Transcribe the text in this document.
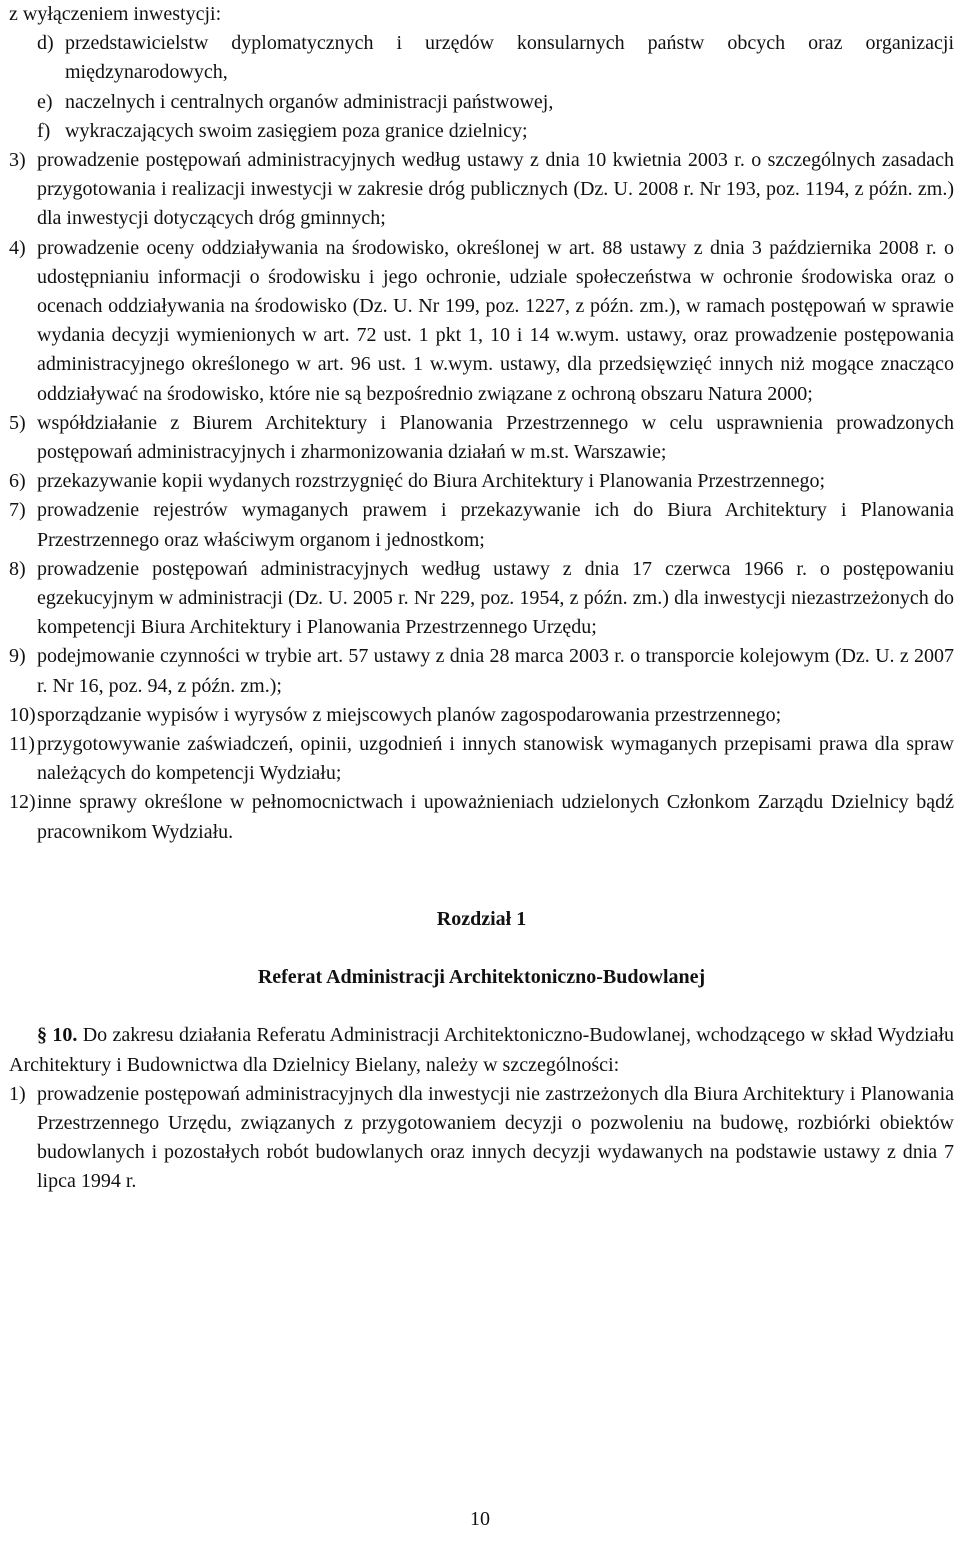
z wyłączeniem inwestycji:

d) przedstawicielstw dyplomatycznych i urzędów konsularnych państw obcych oraz organizacji międzynarodowych,
e) naczelnych i centralnych organów administracji państwowej,
f) wykraczających swoim zasięgiem poza granice dzielnicy;
3) prowadzenie postępowań administracyjnych według ustawy z dnia 10 kwietnia 2003 r. o szczególnych zasadach przygotowania i realizacji inwestycji w zakresie dróg publicznych (Dz. U. 2008 r. Nr 193, poz. 1194, z późn. zm.) dla inwestycji dotyczących dróg gminnych;
4) prowadzenie oceny oddziaływania na środowisko, określonej w art. 88 ustawy z dnia 3 października 2008 r. o udostępnianiu informacji o środowisku i jego ochronie, udziale społeczeństwa w ochronie środowiska oraz o ocenach oddziaływania na środowisko (Dz. U. Nr 199, poz. 1227, z późn. zm.), w ramach postępowań w sprawie wydania decyzji wymienionych w art. 72 ust. 1 pkt 1, 10 i 14 w.wym. ustawy, oraz prowadzenie postępowania administracyjnego określonego w art. 96 ust. 1 w.wym. ustawy, dla przedsięwzięć innych niż mogące znacząco oddziaływać na środowisko, które nie są bezpośrednio związane z ochroną obszaru Natura 2000;
5) współdziałanie z Biurem Architektury i Planowania Przestrzennego w celu usprawnienia prowadzonych postępowań administracyjnych i zharmonizowania działań w m.st. Warszawie;
6) przekazywanie kopii wydanych rozstrzygnięć do Biura Architektury i Planowania Przestrzennego;
7) prowadzenie rejestrów wymaganych prawem i przekazywanie ich do Biura Architektury i Planowania Przestrzennego oraz właściwym organom i jednostkom;
8) prowadzenie postępowań administracyjnych według ustawy z dnia 17 czerwca 1966 r. o postępowaniu egzekucyjnym w administracji (Dz. U. 2005 r. Nr 229, poz. 1954, z późn. zm.) dla inwestycji niezastrzeżonych do kompetencji Biura Architektury i Planowania Przestrzennego Urzędu;
9) podejmowanie czynności w trybie art. 57 ustawy z dnia 28 marca 2003 r. o transporcie kolejowym (Dz. U. z 2007 r. Nr 16, poz. 94, z późn. zm.);
10) sporządzanie wypisów i wyrysów z miejscowych planów zagospodarowania przestrzennego;
11) przygotowywanie zaświadczeń, opinii, uzgodnień i innych stanowisk wymaganych przepisami prawa dla spraw należących do kompetencji Wydziału;
12) inne sprawy określone w pełnomocnictwach i upoważnieniach udzielonych Członkom Zarządu Dzielnicy bądź pracownikom Wydziału.

Rozdział 1

Referat Administracji Architektoniczno-Budowlanej

§ 10. Do zakresu działania Referatu Administracji Architektoniczno-Budowlanej, wchodzącego w skład Wydziału Architektury i Budownictwa dla Dzielnicy Bielany, należy w szczególności:

1) prowadzenie postępowań administracyjnych dla inwestycji nie zastrzeżonych dla Biura Architektury i Planowania Przestrzennego Urzędu, związanych z przygotowaniem decyzji o pozwoleniu na budowę, rozbiórki obiektów budowlanych i pozostałych robót budowlanych oraz innych decyzji wydawanych na podstawie ustawy z dnia 7 lipca 1994 r.
10
